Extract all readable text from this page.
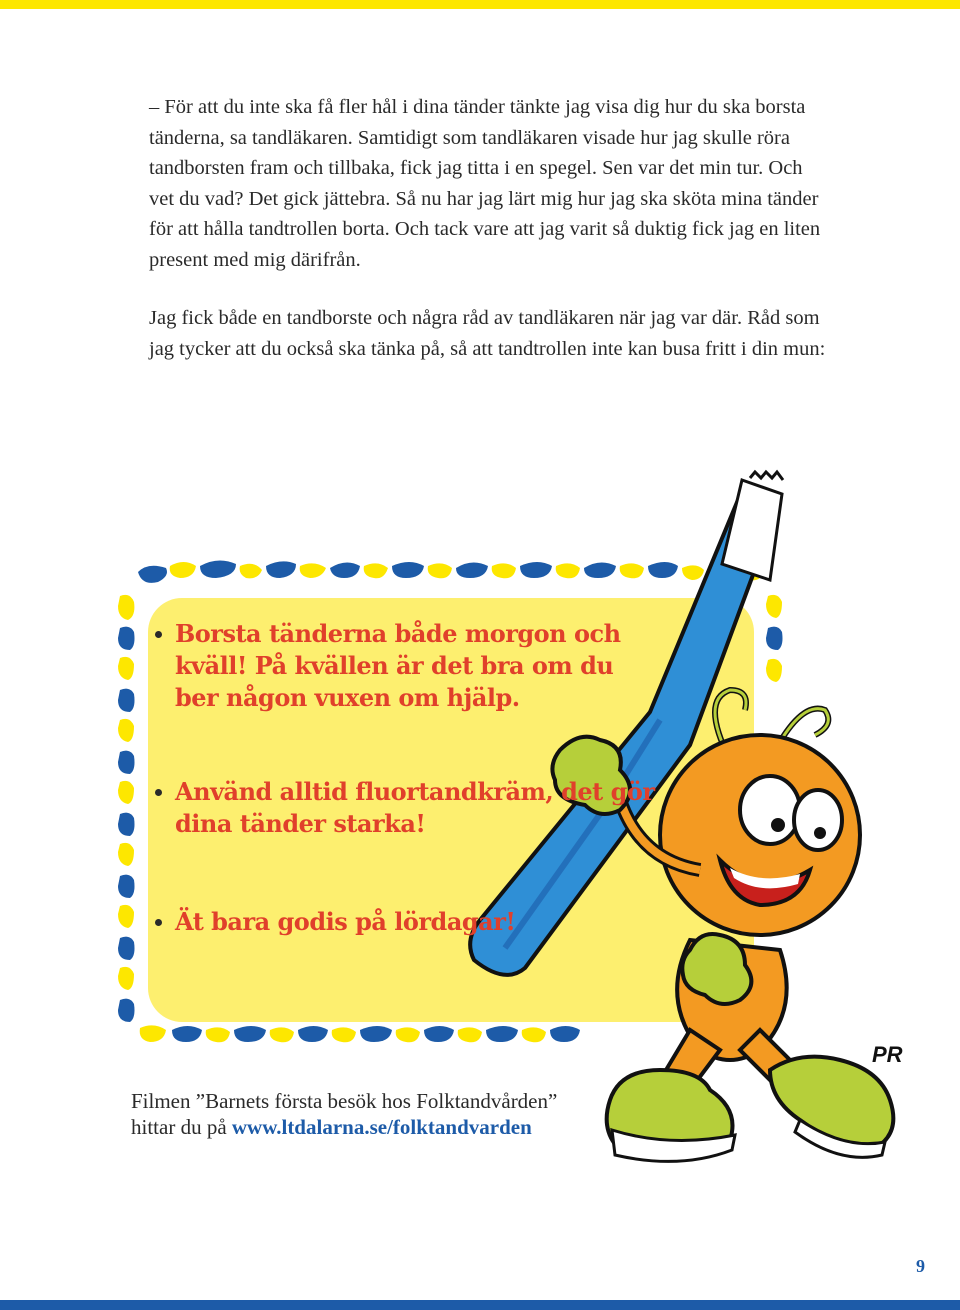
– För att du inte ska få fler hål i dina tänder tänkte jag visa dig hur du ska borsta tänderna, sa tandläkaren. Samtidigt som tandläkaren visade hur jag skulle röra tandborsten fram och tillbaka, fick jag titta i en spegel. Sen var det min tur. Och vet du vad? Det gick jättebra. Så nu har jag lärt mig hur jag ska sköta mina tänder för att hålla tandtrollen borta. Och tack vare att jag varit så duktig fick jag en liten present med mig därifrån.

Jag fick både en tandborste och några råd av tandläkaren när jag var där. Råd som jag tycker att du också ska tänka på, så att tandtrollen inte kan busa fritt i din mun:

PR
Borsta tänderna både morgon och kväll! På kvällen är det bra om du ber någon vuxen om hjälp.
Använd alltid fluortandkräm, det gör dina tänder starka!
Ät bara godis på lördagar!
Filmen ”Barnets första besök hos Folktandvården”
hittar du på www.ltdalarna.se/folktandvarden
9
